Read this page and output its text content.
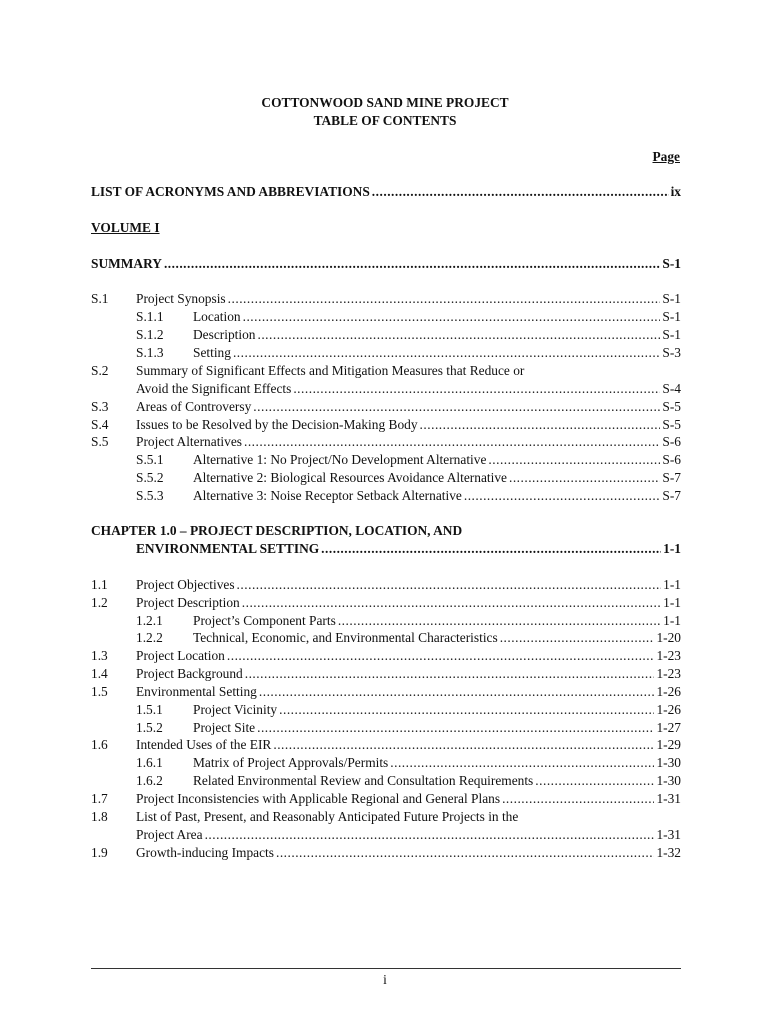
COTTONWOOD SAND MINE PROJECT
TABLE OF CONTENTS
Page
LIST OF ACRONYMS AND ABBREVIATIONS .....	ix
VOLUME I
SUMMARY .....	S-1
S.1 Project Synopsis .....	S-1
S.1.1 Location .....	S-1
S.1.2 Description .....	S-1
S.1.3 Setting .....	S-3
S.2 Summary of Significant Effects and Mitigation Measures that Reduce or
Avoid the Significant Effects .....	S-4
S.3 Areas of Controversy .....	S-5
S.4 Issues to be Resolved by the Decision-Making Body .....	S-5
S.5 Project Alternatives .....	S-6
S.5.1 Alternative 1: No Project/No Development Alternative .....	S-6
S.5.2 Alternative 2: Biological Resources Avoidance Alternative .....	S-7
S.5.3 Alternative 3: Noise Receptor Setback Alternative .....	S-7
CHAPTER 1.0 – PROJECT DESCRIPTION, LOCATION, AND
ENVIRONMENTAL SETTING .....	1-1
1.1 Project Objectives .....	1-1
1.2 Project Description .....	1-1
1.2.1 Project’s Component Parts .....	1-1
1.2.2 Technical, Economic, and Environmental Characteristics .....	1-20
1.3 Project Location .....	1-23
1.4 Project Background .....	1-23
1.5 Environmental Setting .....	1-26
1.5.1 Project Vicinity .....	1-26
1.5.2 Project Site .....	1-27
1.6 Intended Uses of the EIR .....	1-29
1.6.1 Matrix of Project Approvals/Permits .....	1-30
1.6.2 Related Environmental Review and Consultation Requirements .....	1-30
1.7 Project Inconsistencies with Applicable Regional and General Plans .....	1-31
1.8 List of Past, Present, and Reasonably Anticipated Future Projects in the
Project Area .....	1-31
1.9 Growth-inducing Impacts .....	1-32
i
